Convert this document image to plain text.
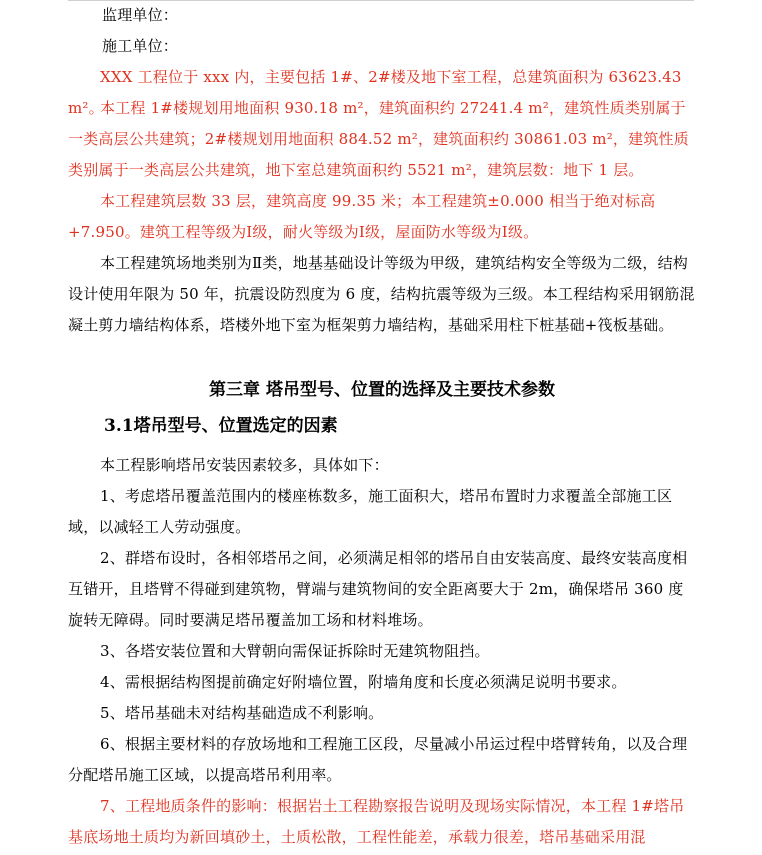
监理单位：
施工单位：
XXX 工程位于 xxx 内，主要包括 1#、2#楼及地下室工程，总建筑面积为 63623.43 m²。
本工程 1#楼规划用地面积 930.18 m²，建筑面积约 27241.4 m²，建筑性质类别属于一类高层公共建筑；2#楼规划用地面积 884.52 m²，建筑面积约 30861.03 m²，建筑性质类别属于一类高层公共建筑，地下室总建筑面积约 5521 m²，建筑层数：地下 1 层。
本工程建筑层数 33 层，建筑高度 99.35 米；本工程建筑±0.000 相当于绝对标高+7.950。建筑工程等级为Ⅰ级，耐火等级为Ⅰ级，屋面防水等级为Ⅰ级。
本工程建筑场地类别为Ⅱ类，地基基础设计等级为甲级，建筑结构安全等级为二级，结构设计使用年限为 50 年，抗震设防烈度为 6 度，结构抗震等级为三级。本工程结构采用钢筋混凝土剪力墙结构体系，塔楼外地下室为框架剪力墙结构，基础采用柱下桩基础+筏板基础。
第三章 塔吊型号、位置的选择及主要技术参数
3.1塔吊型号、位置选定的因素
本工程影响塔吊安装因素较多，具体如下：
1、考虑塔吊覆盖范围内的楼座栋数多，施工面积大，塔吊布置时力求覆盖全部施工区域，以减轻工人劳动强度。
2、群塔布设时，各相邻塔吊之间，必须满足相邻的塔吊自由安装高度、最终安装高度相互错开，且塔臂不得碰到建筑物，臂端与建筑物间的安全距离要大于 2m，确保塔吊 360 度旋转无障碍。同时要满足塔吊覆盖加工场和材料堆场。
3、各塔安装位置和大臂朝向需保证拆除时无建筑物阻挡。
4、需根据结构图提前确定好附墙位置，附墙角度和长度必须满足说明书要求。
5、塔吊基础未对结构基础造成不利影响。
6、根据主要材料的存放场地和工程施工区段，尽量减小吊运过程中塔臂转角，以及合理分配塔吊施工区域，以提高塔吊利用率。
7、工程地质条件的影响：根据岩土工程勘察报告说明及现场实际情况，本工程 1#塔吊基底场地土质均为新回填砂土，土质松散，工程性能差，承载力很差，塔吊基础采用混
